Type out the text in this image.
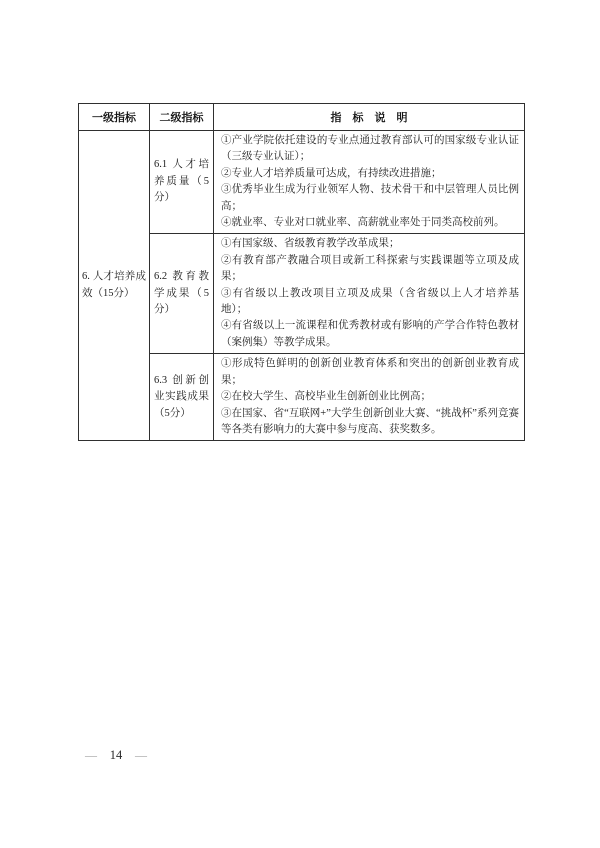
一级指标	二级指标	指　标　说　明
6. 人才培养成效（15分）	6.1 人才培养质量（5分）	①产业学院依托建设的专业点通过教育部认可的国家级专业认证（三级专业认证）；
②专业人才培养质量可达成，有持续改进措施；
③优秀毕业生成为行业领军人物、技术骨干和中层管理人员比例高；
④就业率、专业对口就业率、高薪就业率处于同类高校前列。

	6.2 教育教学成果（5分）	①有国家级、省级教育教学改革成果；
②有教育部产教融合项目或新工科探索与实践课题等立项及成果；
③有省级以上教改项目立项及成果（含省级以上人才培养基地）；
④有省级以上一流课程和优秀教材或有影响的产学合作特色教材（案例集）等教学成果。

	6.3 创新创业实践成果（5分）	①形成特色鲜明的创新创业教育体系和突出的创新创业教育成果；
②在校大学生、高校毕业生创新创业比例高；
③在国家、省“互联网+”大学生创新创业大赛、“挑战杯”系列竞赛等各类有影响力的大赛中参与度高、获奖数多。
— 14 —
